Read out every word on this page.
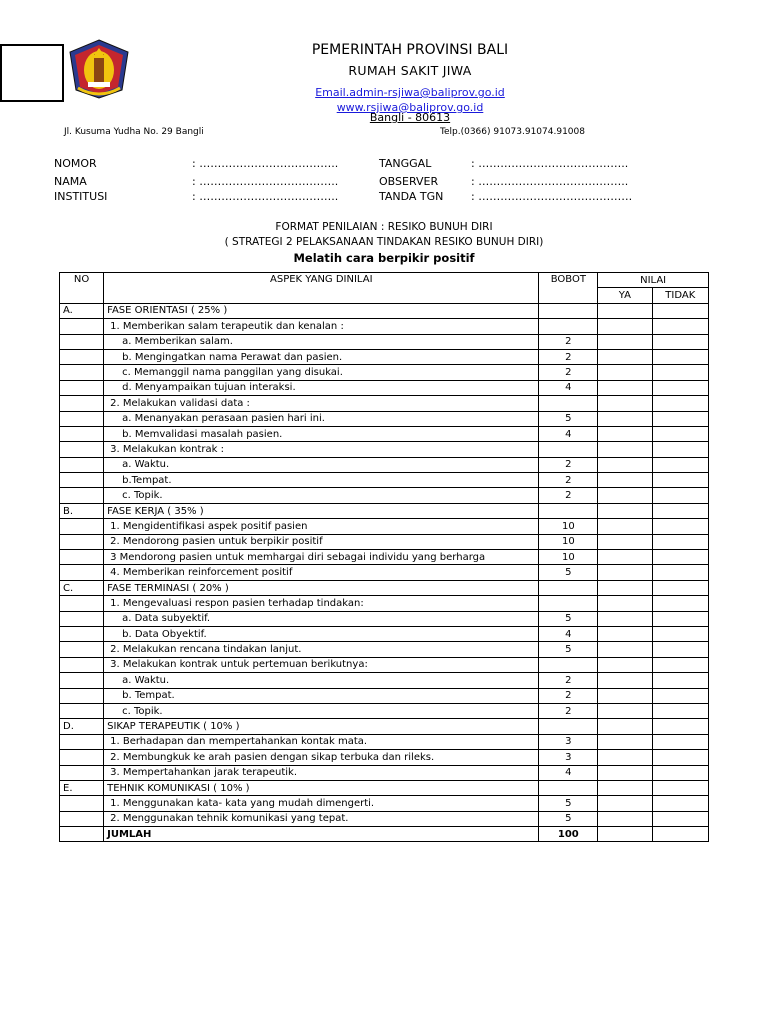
PEMERINTAH PROVINSI BALI
RUMAH SAKIT JIWA
Email.admin-rsjiwa@baliprov.go.id
www.rsjiwa@baliprov.go.id
Bangli - 80613
Jl. Kusuma Yudha No. 29 Bangli	Telp.(0366) 91073.91074.91008
NOMOR	: ………………………………..
NAMA	: ………………………………..
INSTITUSI	: ………………………………..
TANGGAL	: …………………………………..
OBSERVER	: …………………………………..
TANDA TGN	: ……………………………………
FORMAT PENILAIAN : RESIKO BUNUH DIRI
( STRATEGI 2 PELAKSANAAN TINDAKAN RESIKO BUNUH DIRI)
Melatih cara berpikir positif
NO	ASPEK YANG DINILAI	BOBOT	NILAI	
			YA	TIDAK
A.	FASE ORIENTASI ( 25% )			
	1. Memberikan salam terapeutik dan kenalan :			
	a. Memberikan salam.	2		
	b. Mengingatkan nama Perawat dan pasien.	2		
	c. Memanggil nama panggilan yang disukai.	2		
	d. Menyampaikan tujuan interaksi.	4		
	2. Melakukan validasi data :			
	a. Menanyakan perasaan pasien hari ini.	5		
	b. Memvalidasi masalah pasien.	4		
	3. Melakukan kontrak :			
	a. Waktu.	2		
	b.Tempat.	2		
	c. Topik.	2		
B.	FASE KERJA ( 35% )			
	1. Mengidentifikasi aspek positif pasien	10		
	2. Mendorong pasien untuk berpikir positif	10		
	3 Mendorong pasien untuk memhargai diri sebagai individu yang berharga	10		
	4. Memberikan reinforcement positif	5		
C.	FASE TERMINASI ( 20% )			
	1. Mengevaluasi respon pasien terhadap tindakan:			
	a. Data subyektif.	5		
	b. Data Obyektif.	4		
	2. Melakukan rencana tindakan lanjut.	5		
	3. Melakukan kontrak untuk pertemuan berikutnya:			
	a. Waktu.	2		
	b. Tempat.	2		
	c. Topik.	2		
D.	SIKAP TERAPEUTIK ( 10% )			
	1. Berhadapan dan mempertahankan kontak mata.	3		
	2. Membungkuk ke arah pasien dengan sikap terbuka dan rileks.	3		
	3. Mempertahankan jarak terapeutik.	4		
E.	TEHNIK KOMUNIKASI ( 10% )			
	1. Menggunakan kata- kata yang mudah dimengerti.	5		
	2. Menggunakan tehnik komunikasi yang tepat.	5		
	JUMLAH	100		
